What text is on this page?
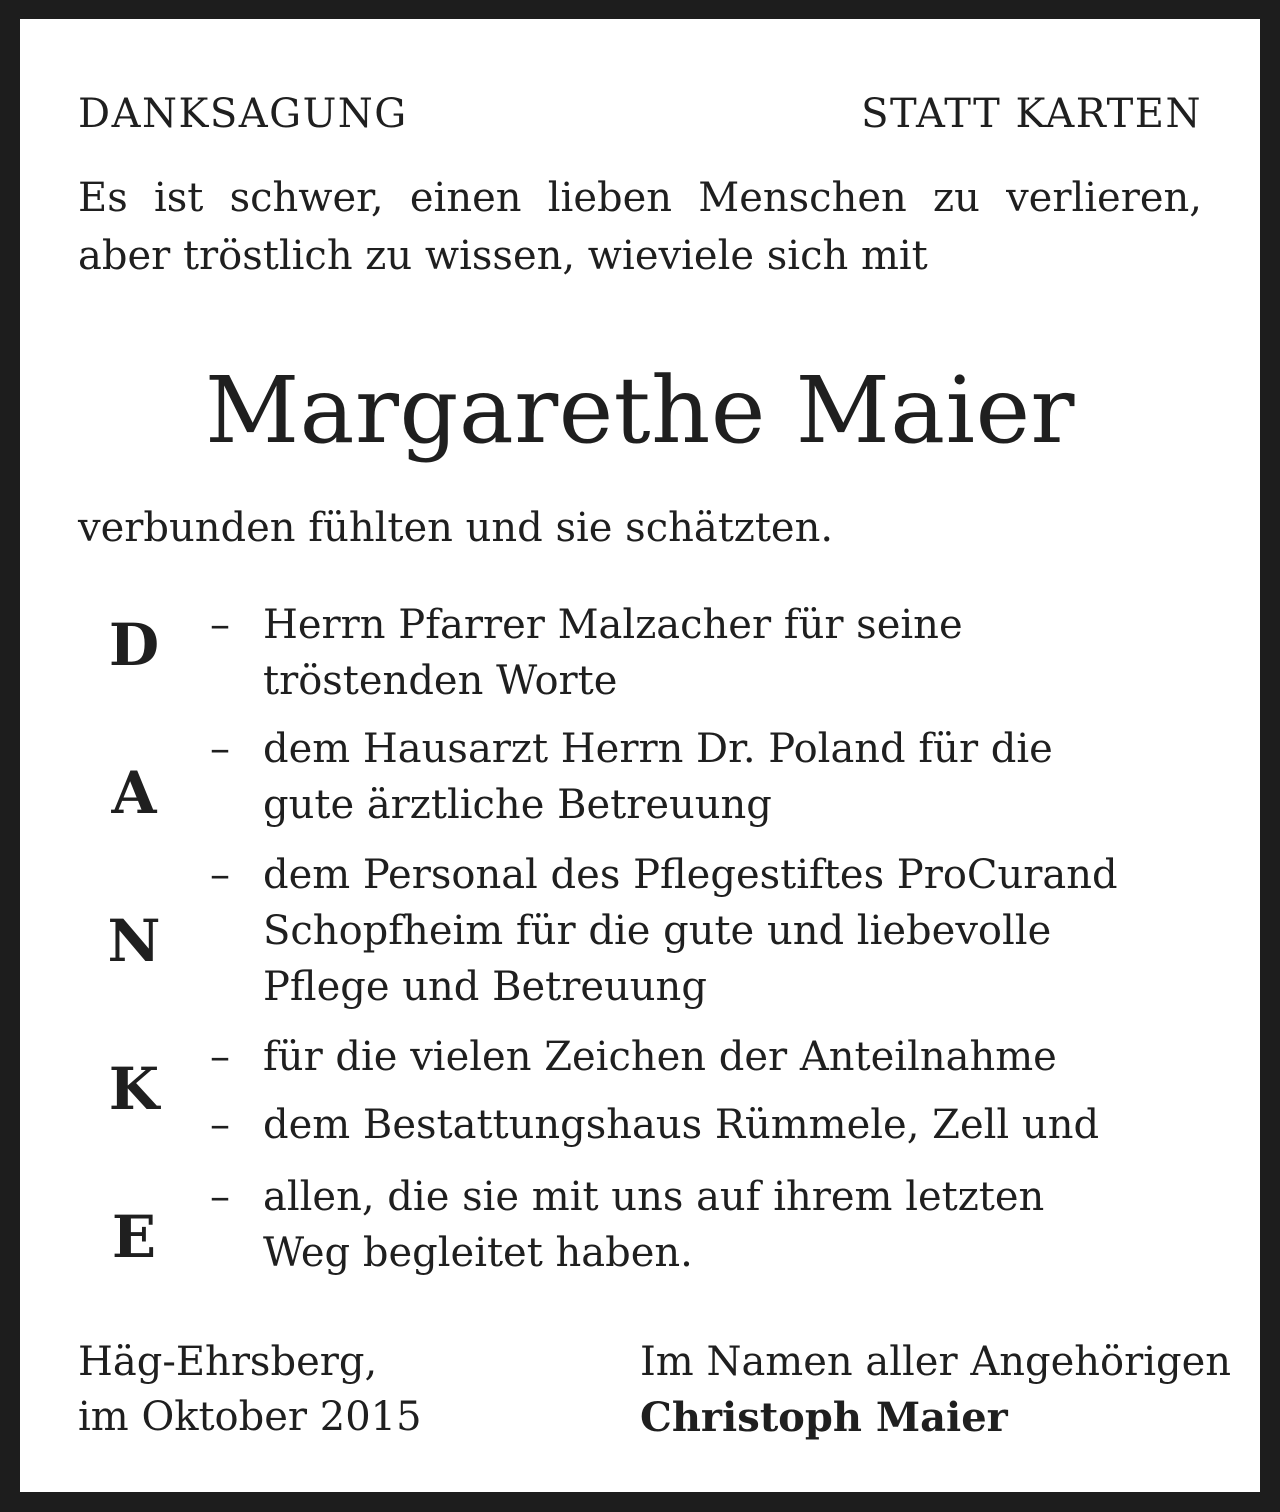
DANKSAGUNG	STATT KARTEN
Es ist schwer, einen lieben Menschen zu verlieren, aber tröstlich zu wissen, wieviele sich mit
Margarethe Maier
verbunden fühlten und sie schätzten.
D
A
N
K
E
– Herrn Pfarrer Malzacher für seine tröstenden Worte
– dem Hausarzt Herrn Dr. Poland für die gute ärztliche Betreuung
– dem Personal des Pflegestiftes ProCurand Schopfheim für die gute und liebevolle Pflege und Betreuung
– für die vielen Zeichen der Anteilnahme
– dem Bestattungshaus Rümmele, Zell und
– allen, die sie mit uns auf ihrem letzten Weg begleitet haben.
Häg-Ehrsberg,
im Oktober 2015
Im Namen aller Angehörigen
Christoph Maier
